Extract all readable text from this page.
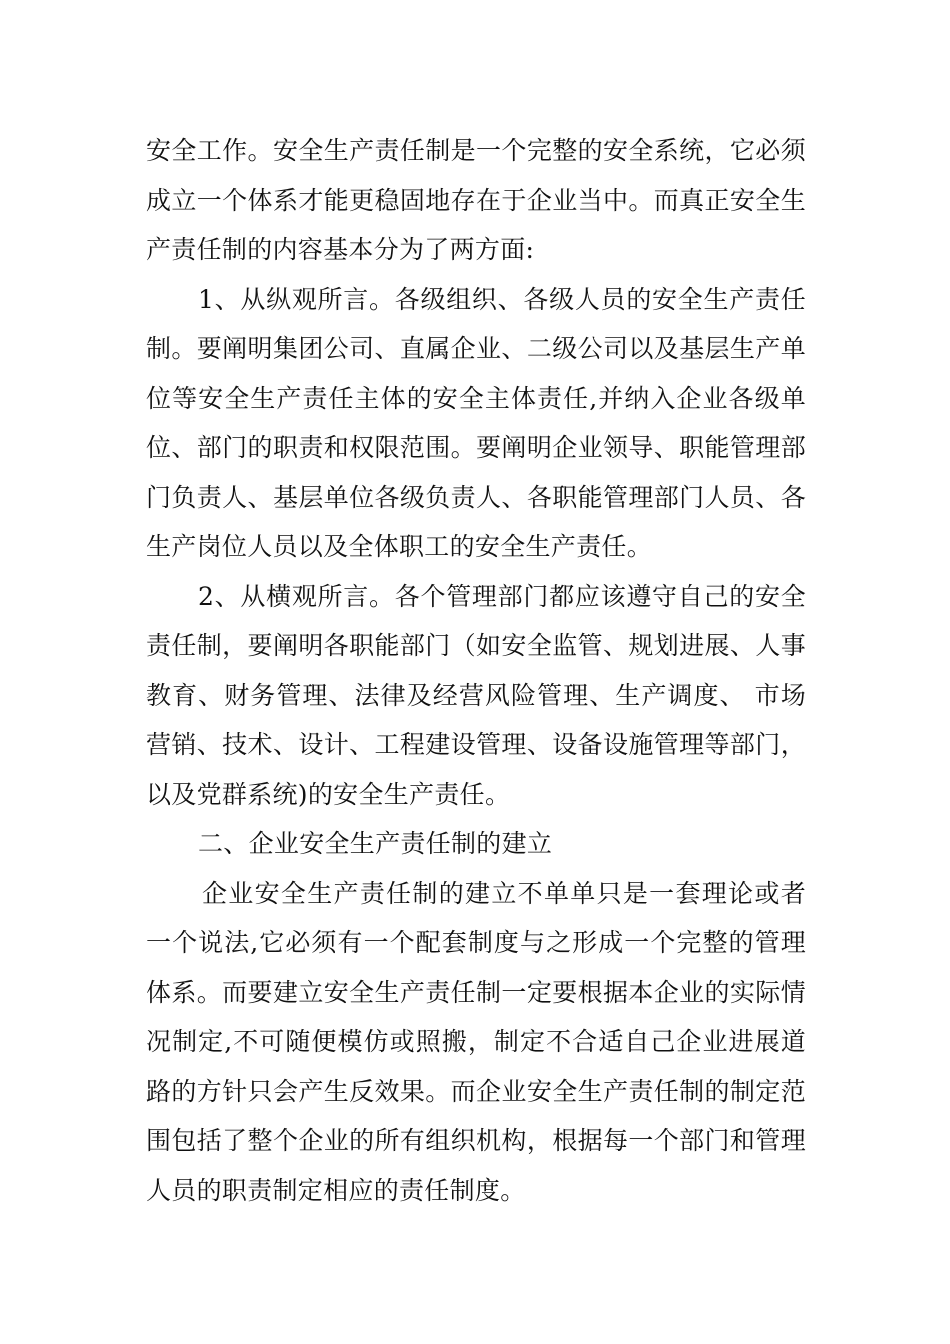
安全工作。安全生产责任制是一个完整的安全系统，它必须成立一个体系才能更稳固地存在于企业当中。而真正安全生产责任制的内容基本分为了两方面:

1、从纵观所言。各级组织、各级人员的安全生产责任制。要阐明集团公司、直属企业、二级公司以及基层生产单位等安全生产责任主体的安全主体责任,并纳入企业各级单位、部门的职责和权限范围。要阐明企业领导、职能管理部门负责人、基层单位各级负责人、各职能管理部门人员、各生产岗位人员以及全体职工的安全生产责任。

2、从横观所言。各个管理部门都应该遵守自己的安全责任制，要阐明各职能部门（如安全监管、规划进展、人事教育、财务管理、法律及经营风险管理、生产调度、 市场营销、技术、设计、工程建设管理、设备设施管理等部门，以及党群系统)的安全生产责任。

二、企业安全生产责任制的建立

企业安全生产责任制的建立不单单只是一套理论或者一个说法,它必须有一个配套制度与之形成一个完整的管理体系。而要建立安全生产责任制一定要根据本企业的实际情况制定,不可随便模仿或照搬，制定不合适自己企业进展道路的方针只会产生反效果。而企业安全生产责任制的制定范围包括了整个企业的所有组织机构，根据每一个部门和管理人员的职责制定相应的责任制度。
